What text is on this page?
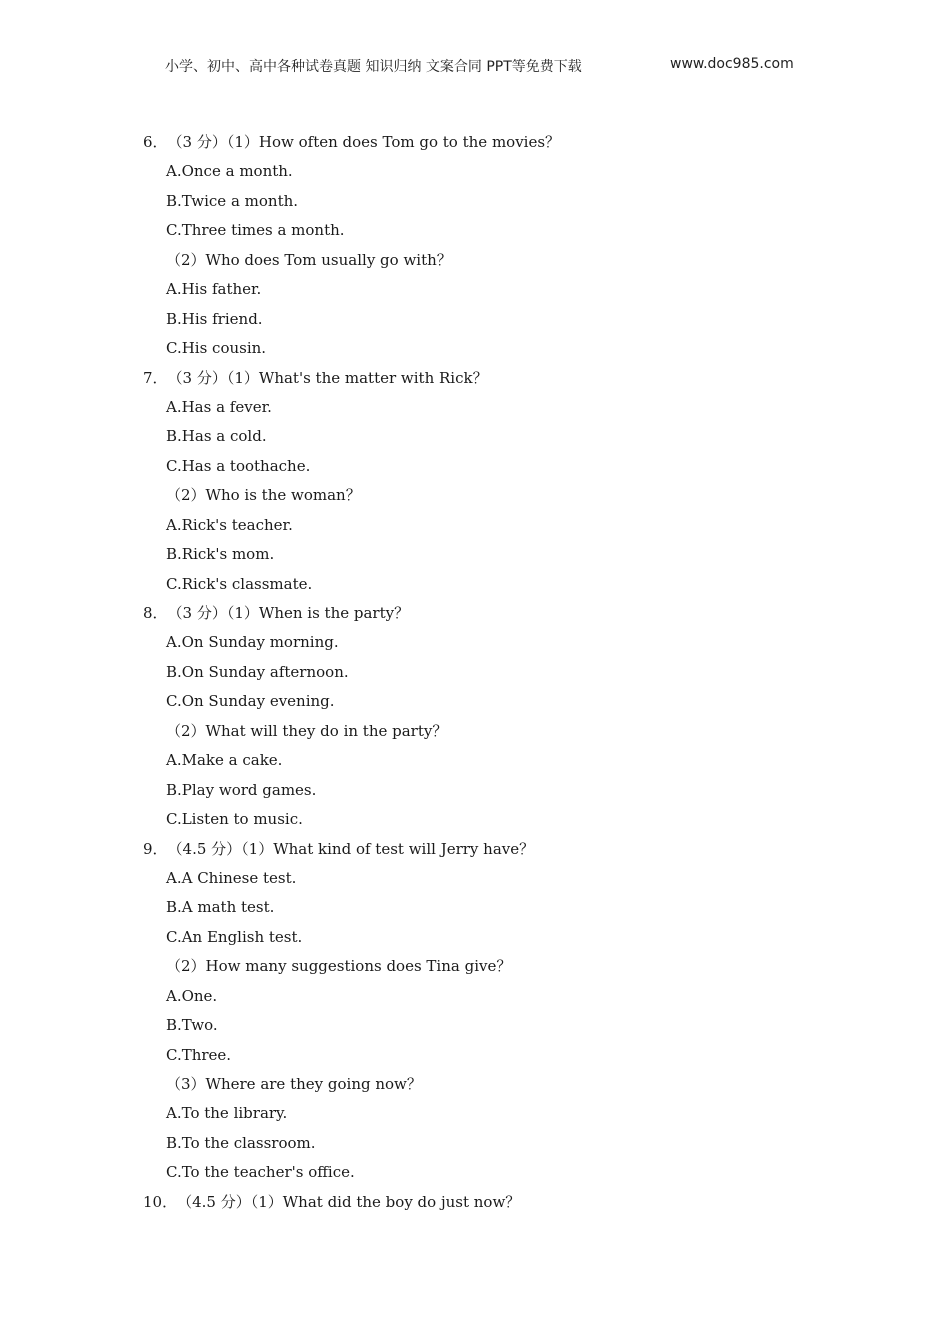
小学、初中、高中各种试卷真题 知识归纳 文案合同 PPT等免费下载	www.doc985.com
6．（3 分）（1）How often does Tom go to the movies？
A.Once a month.
B.Twice a month.
C.Three times a month.
（2）Who does Tom usually go with？
A.His father.
B.His friend.
C.His cousin.
7．（3 分）（1）What's the matter with Rick？
A.Has a fever.
B.Has a cold.
C.Has a toothache.
（2）Who is the woman？
A.Rick's teacher.
B.Rick's mom.
C.Rick's classmate.
8．（3 分）（1）When is the party？
A.On Sunday morning.
B.On Sunday afternoon.
C.On Sunday evening.
（2）What will they do in the party？
A.Make a cake.
B.Play word games.
C.Listen to music.
9．（4.5 分）（1）What kind of test will Jerry have？
A.A Chinese test.
B.A math test.
C.An English test.
（2）How many suggestions does Tina give？
A.One.
B.Two.
C.Three.
（3）Where are they going now？
A.To the library.
B.To the classroom.
C.To the teacher's office.
10．（4.5 分）（1）What did the boy do just now？
